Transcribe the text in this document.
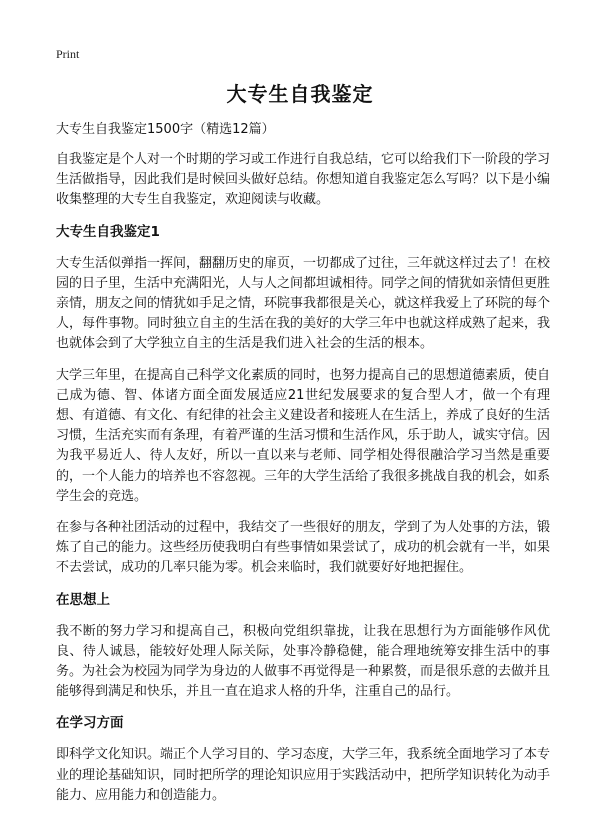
Print
大专生自我鉴定

大专生自我鉴定1500字（精选12篇）

自我鉴定是个人对一个时期的学习或工作进行自我总结，它可以给我们下一阶段的学习生活做指导，因此我们是时候回头做好总结。你想知道自我鉴定怎么写吗？以下是小编收集整理的大专生自我鉴定，欢迎阅读与收藏。

大专生自我鉴定1

大专生活似弹指一挥间，翻翻历史的扉页，一切都成了过往，三年就这样过去了！在校园的日子里，生活中充满阳光，人与人之间都坦诚相待。同学之间的情犹如亲情但更胜亲情，朋友之间的情犹如手足之情，环院事我都很是关心，就这样我爱上了环院的每个人，每件事物。同时独立自主的生活在我的美好的大学三年中也就这样成熟了起来，我也就体会到了大学独立自主的生活是我们进入社会的生活的根本。

大学三年里，在提高自己科学文化素质的同时，也努力提高自己的思想道德素质，使自己成为德、智、体诸方面全面发展适应21世纪发展要求的复合型人才，做一个有理想、有道德、有文化、有纪律的社会主义建设者和接班人在生活上，养成了良好的生活习惯，生活充实而有条理，有着严谨的生活习惯和生活作风，乐于助人，诚实守信。因为我平易近人、待人友好，所以一直以来与老师、同学相处得很融洽学习当然是重要的，一个人能力的培养也不容忽视。三年的大学生活给了我很多挑战自我的机会，如系学生会的竞选。

在参与各种社团活动的过程中，我结交了一些很好的朋友，学到了为人处事的方法，锻炼了自己的能力。这些经历使我明白有些事情如果尝试了，成功的机会就有一半，如果不去尝试，成功的几率只能为零。机会来临时，我们就要好好地把握住。

在思想上

我不断的努力学习和提高自己，积极向党组织靠拢，让我在思想行为方面能够作风优良、待人诚恳，能较好处理人际关际，处事冷静稳健，能合理地统筹安排生活中的事务。为社会为校园为同学为身边的人做事不再觉得是一种累赘，而是很乐意的去做并且能够得到满足和快乐，并且一直在追求人格的升华，注重自己的品行。

在学习方面

即科学文化知识。端正个人学习目的、学习态度，大学三年，我系统全面地学习了本专业的理论基础知识，同时把所学的理论知识应用于实践活动中，把所学知识转化为动手能力、应用能力和创造能力。
